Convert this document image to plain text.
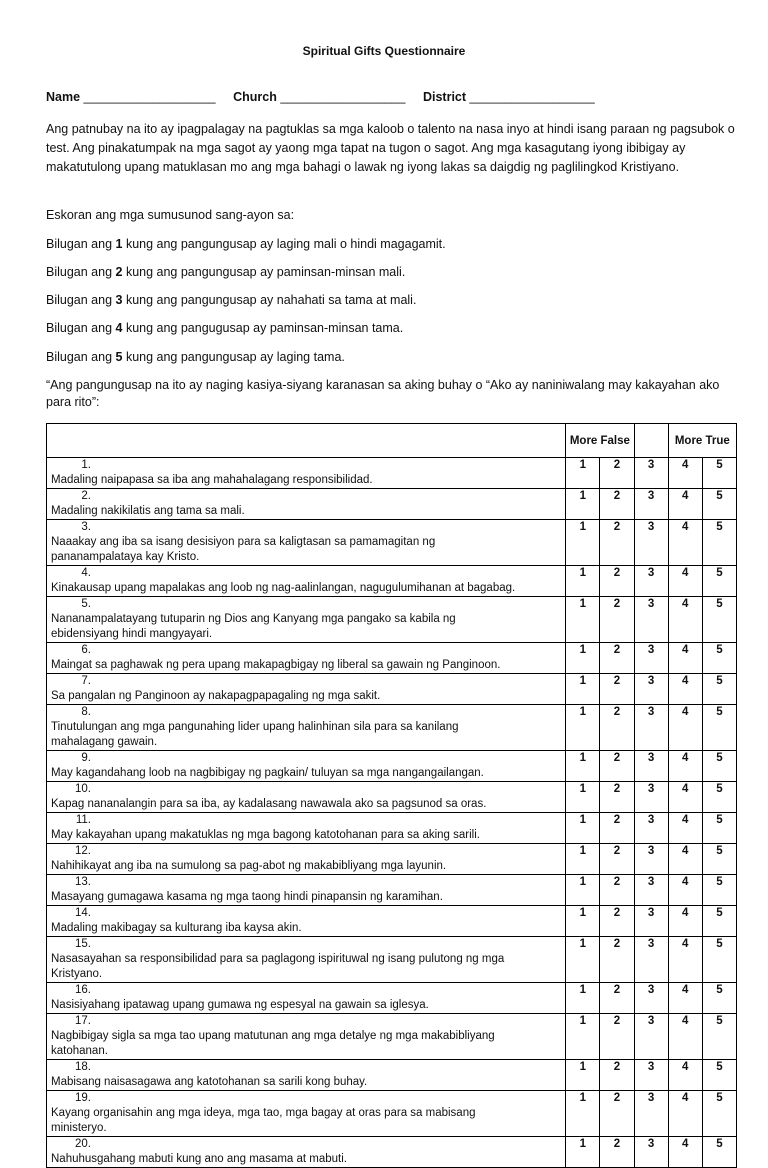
Spiritual Gifts Questionnaire
Name ___________________ Church __________________ District __________________
Ang patnubay na ito ay ipagpalagay na pagtuklas sa mga kaloob o talento na nasa inyo at hindi isang paraan ng pagsubok o test. Ang pinakatumpak na mga sagot ay yaong mga tapat na tugon o sagot. Ang mga kasagutang iyong ibibigay ay makatutulong upang matuklasan mo ang mga bahagi o lawak ng iyong lakas sa daigdig ng paglilingkod Kristiyano.
Eskoran ang mga sumusunod sang-ayon sa:
Bilugan ang 1 kung ang pangungusap ay laging mali o hindi magagamit.
Bilugan ang 2 kung ang pangungusap ay paminsan-minsan mali.
Bilugan ang 3 kung ang pangungusap ay nahahati sa tama at mali.
Bilugan ang 4 kung ang pangugusap ay paminsan-minsan tama.
Bilugan ang 5 kung ang pangungusap ay laging tama.
“Ang pangungusap na ito ay naging kasiya-siyang karanasan sa aking buhay o “Ako ay naniniwalang may kakayahan ako para rito”:
	More False			More True	
1.Madaling naipapasa sa iba ang mahahalagang responsibilidad.	1	2	3	4	5
2.Madaling nakikilatis ang tama sa mali.	1	2	3	4	5
3.Naaakay ang iba sa isang desisiyon para sa kaligtasan sa pamamagitan ng pananampalataya kay Kristo.	1	2	3	4	5
4.Kinakausap upang mapalakas ang loob ng nag-aalinlangan, nagugulumihanan at bagabag.	1	2	3	4	5
5.Nananampalatayang tutuparin ng Dios ang Kanyang mga pangako sa kabila ng ebidensiyang hindi mangyayari.	1	2	3	4	5
6.Maingat sa paghawak ng pera upang makapagbigay ng liberal sa gawain ng Panginoon.	1	2	3	4	5
7.Sa pangalan ng Panginoon ay nakapagpapagaling ng mga sakit.	1	2	3	4	5
8.Tinutulungan ang mga pangunahing lider upang halinhinan sila para sa kanilang mahalagang gawain.	1	2	3	4	5
9.May kagandahang loob na nagbibigay ng pagkain/ tuluyan sa mga nangangailangan.	1	2	3	4	5
10.Kapag nananalangin para sa iba, ay kadalasang nawawala ako sa pagsunod sa oras.	1	2	3	4	5
11.May kakayahan upang makatuklas ng mga bagong katotohanan para sa aking sarili.	1	2	3	4	5
12.Nahihikayat ang iba na sumulong sa pag-abot ng makabibliyang mga layunin.	1	2	3	4	5
13.Masayang gumagawa kasama ng mga taong hindi pinapansin ng karamihan.	1	2	3	4	5
14.Madaling makibagay sa kulturang iba kaysa akin.	1	2	3	4	5
15.Nasasayahan sa responsibilidad para sa paglagong ispirituwal ng isang pulutong ng mga Kristyano.	1	2	3	4	5
16.Nasisiyahang ipatawag upang gumawa ng espesyal na gawain sa iglesya.	1	2	3	4	5
17.Nagbibigay sigla sa mga tao upang matutunan ang mga detalye ng mga makabibliyang katohanan.	1	2	3	4	5
18.Mabisang naisasagawa ang katotohanan sa sarili kong buhay.	1	2	3	4	5
19.Kayang organisahin ang mga ideya, mga tao, mga bagay at oras para sa mabisang ministeryo.	1	2	3	4	5
20.Nahuhusgahang mabuti kung ano ang masama at mabuti.	1	2	3	4	5
